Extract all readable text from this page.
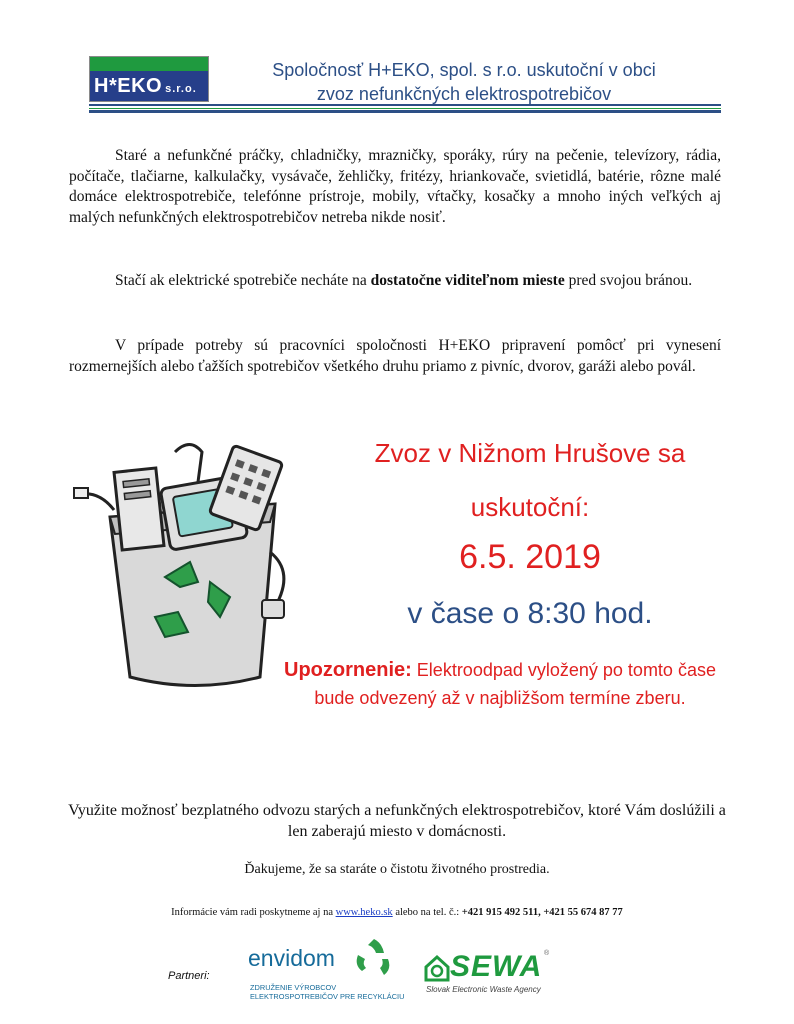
H*EKO s.r.o.
Spoločnosť H+EKO, spol. s r.o. uskutoční v obci
zvoz nefunkčných elektrospotrebičov
Staré a nefunkčné práčky, chladničky, mrazničky, sporáky, rúry na pečenie, televízory, rádia, počítače, tlačiarne, kalkulačky, vysávače, žehličky, fritézy, hriankovače, svietidlá, batérie, rôzne malé domáce elektrospotrebiče, telefónne prístroje, mobily, vŕtačky, kosačky a mnoho iných veľkých aj malých nefunkčných elektrospotrebičov netreba nikde nosiť.
Stačí ak elektrické spotrebiče necháte na dostatočne viditeľnom mieste pred svojou bránou.
V prípade potreby sú pracovníci spoločnosti H+EKO pripravení pomôcť pri vynesení rozmernejších alebo ťažších spotrebičov všetkého druhu priamo z pivníc, dvorov, garáži alebo povál.
Zvoz v Nižnom Hrušove sa
uskutoční:
6.5. 2019
v čase o 8:30 hod.
Upozornenie: Elektroodpad vyložený po tomto čase bude odvezený až v najbližšom termíne zberu.
Využite možnosť bezplatného odvozu starých a nefunkčných elektrospotrebičov, ktoré Vám doslúžili a len zaberajú miesto v domácnosti.
Ďakujeme, že sa staráte o čistotu životného prostredia.
Informácie vám radi poskytneme aj na www.heko.sk alebo na tel. č.: +421 915 492 511, +421 55 674 87 77
Partneri:
envidom
ZDRUŽENIE VÝROBCOV
ELEKTROSPOTREBIČOV PRE RECYKLÁCIU
SEWA ®
Slovak Electronic Waste Agency
